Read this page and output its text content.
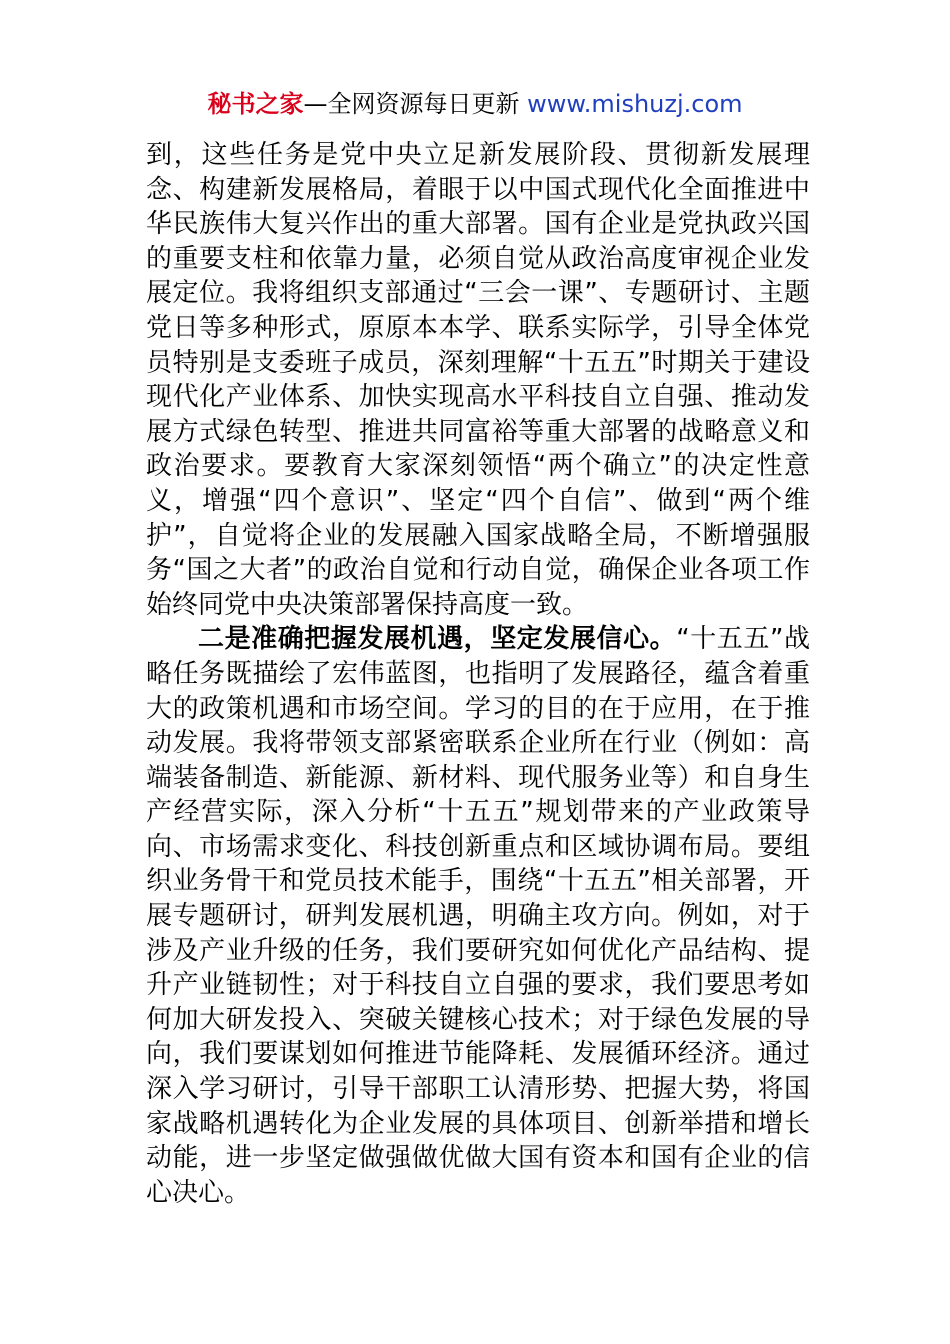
秘书之家—全网资源每日更新 www.mishuzj.com

到，这些任务是党中央立足新发展阶段、贯彻新发展理念、构建新发展格局，着眼于以中国式现代化全面推进中华民族伟大复兴作出的重大部署。国有企业是党执政兴国的重要支柱和依靠力量，必须自觉从政治高度审视企业发展定位。我将组织支部通过“三会一课”、专题研讨、主题党日等多种形式，原原本本学、联系实际学，引导全体党员特别是支委班子成员，深刻理解“十五五”时期关于建设现代化产业体系、加快实现高水平科技自立自强、推动发展方式绿色转型、推进共同富裕等重大部署的战略意义和政治要求。要教育大家深刻领悟“两个确立”的决定性意义，增强“四个意识”、坚定“四个自信”、做到“两个维护”，自觉将企业的发展融入国家战略全局，不断增强服务“国之大者”的政治自觉和行动自觉，确保企业各项工作始终同党中央决策部署保持高度一致。

二是准确把握发展机遇，坚定发展信心。“十五五”战略任务既描绘了宏伟蓝图，也指明了发展路径，蕴含着重大的政策机遇和市场空间。学习的目的在于应用，在于推动发展。我将带领支部紧密联系企业所在行业（例如：高端装备制造、新能源、新材料、现代服务业等）和自身生产经营实际，深入分析“十五五”规划带来的产业政策导向、市场需求变化、科技创新重点和区域协调布局。要组织业务骨干和党员技术能手，围绕“十五五”相关部署，开展专题研讨，研判发展机遇，明确主攻方向。例如，对于涉及产业升级的任务，我们要研究如何优化产品结构、提升产业链韧性；对于科技自立自强的要求，我们要思考如何加大研发投入、突破关键核心技术；对于绿色发展的导向，我们要谋划如何推进节能降耗、发展循环经济。通过深入学习研讨，引导干部职工认清形势、把握大势，将国家战略机遇转化为企业发展的具体项目、创新举措和增长动能，进一步坚定做强做优做大国有资本和国有企业的信心决心。
